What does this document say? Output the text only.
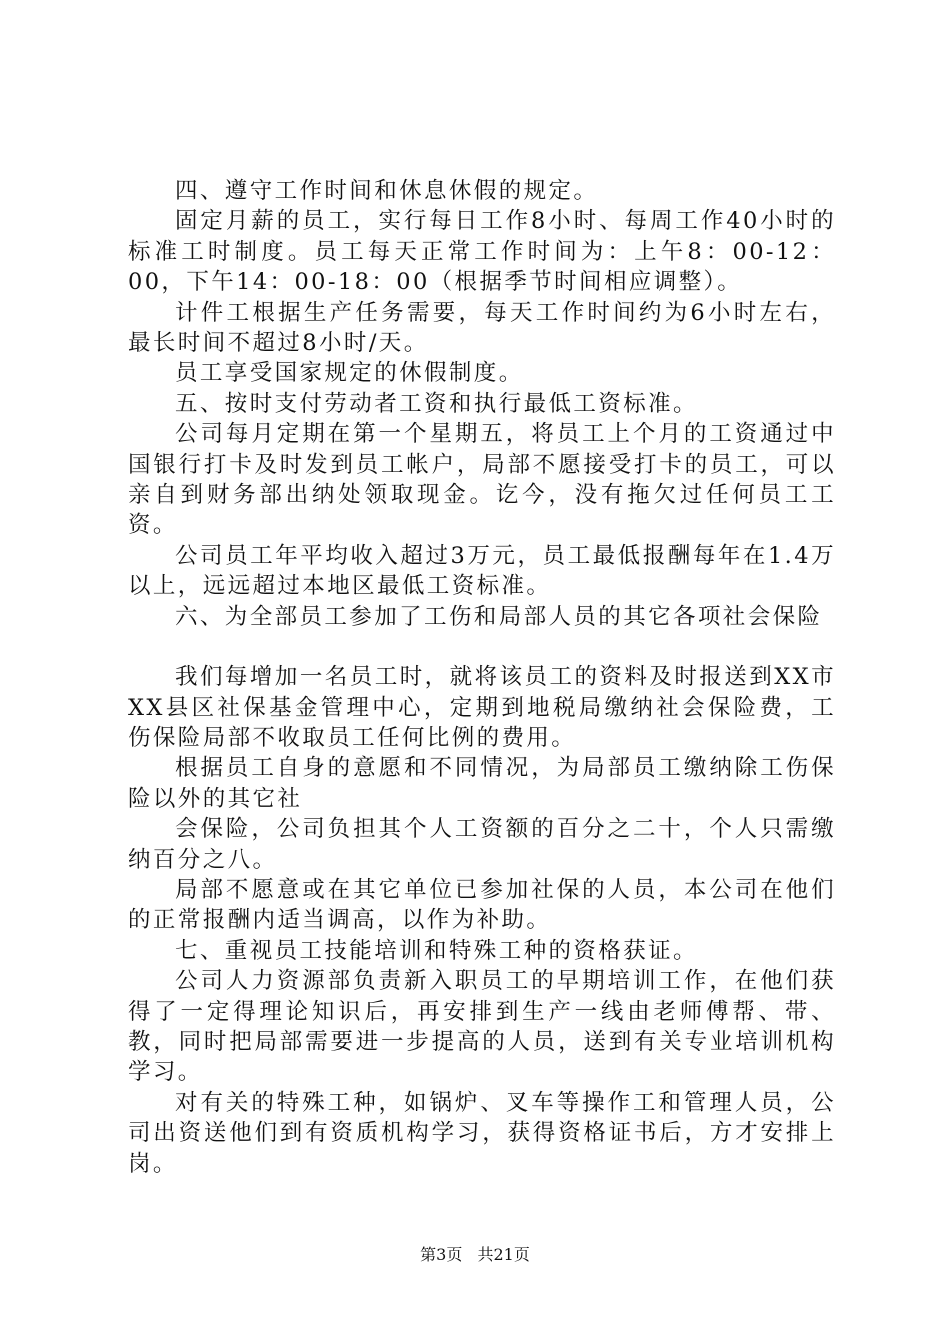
四、遵守工作时间和休息休假的规定。

固定月薪的员工，实行每日工作8小时、每周工作40小时的标准工时制度。员工每天正常工作时间为：上午8：00-12：00，下午14：00-18：00（根据季节时间相应调整）。

计件工根据生产任务需要，每天工作时间约为6小时左右，最长时间不超过8小时/天。

员工享受国家规定的休假制度。

五、按时支付劳动者工资和执行最低工资标准。

公司每月定期在第一个星期五，将员工上个月的工资通过中国银行打卡及时发到员工帐户，局部不愿接受打卡的员工，可以亲自到财务部出纳处领取现金。讫今，没有拖欠过任何员工工资。

公司员工年平均收入超过3万元，员工最低报酬每年在1.4万以上，远远超过本地区最低工资标准。

六、为全部员工参加了工伤和局部人员的其它各项社会保险

我们每增加一名员工时，就将该员工的资料及时报送到XX市XX县区社保基金管理中心，定期到地税局缴纳社会保险费，工伤保险局部不收取员工任何比例的费用。

根据员工自身的意愿和不同情况，为局部员工缴纳除工伤保险以外的其它社

会保险，公司负担其个人工资额的百分之二十，个人只需缴纳百分之八。

局部不愿意或在其它单位已参加社保的人员，本公司在他们的正常报酬内适当调高，以作为补助。

七、重视员工技能培训和特殊工种的资格获证。

公司人力资源部负责新入职员工的早期培训工作，在他们获得了一定得理论知识后，再安排到生产一线由老师傅帮、带、教，同时把局部需要进一步提高的人员，送到有关专业培训机构学习。

对有关的特殊工种，如锅炉、叉车等操作工和管理人员，公司出资送他们到有资质机构学习，获得资格证书后，方才安排上岗。

第3页 共21页
